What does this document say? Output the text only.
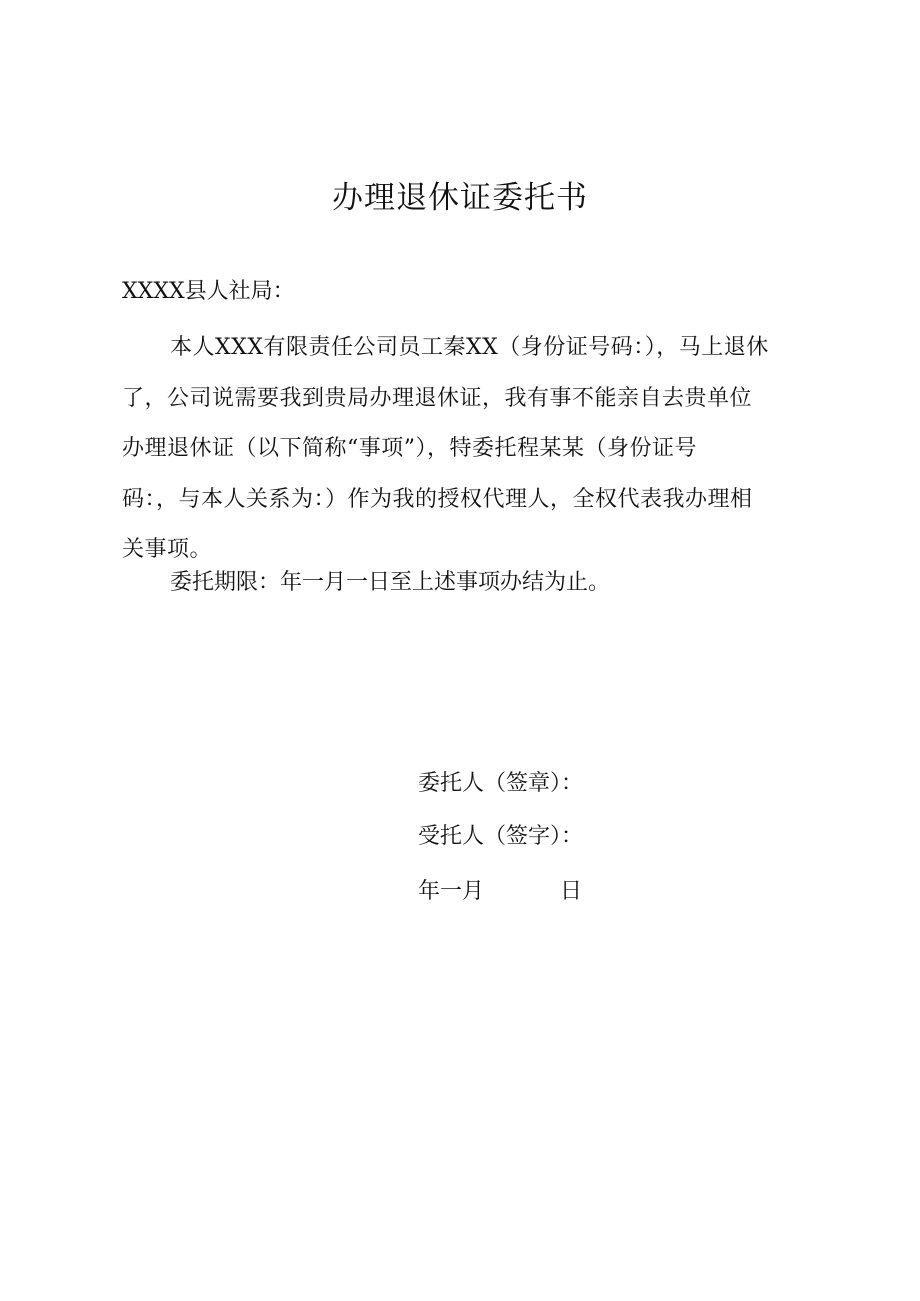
办理退休证委托书
XXXX县人社局：
本人XXX有限责任公司员工秦XX（身份证号码：），马上退休
了，公司说需要我到贵局办理退休证，我有事不能亲自去贵单位
办理退休证（以下简称“事项”），特委托程某某（身份证号
码：，与本人关系为：）作为我的授权代理人，全权代表我办理相
关事项。
委托期限：年一月一日至上述事项办结为止。
委托人（签章）：
受托人（签字）：
年一月	日
